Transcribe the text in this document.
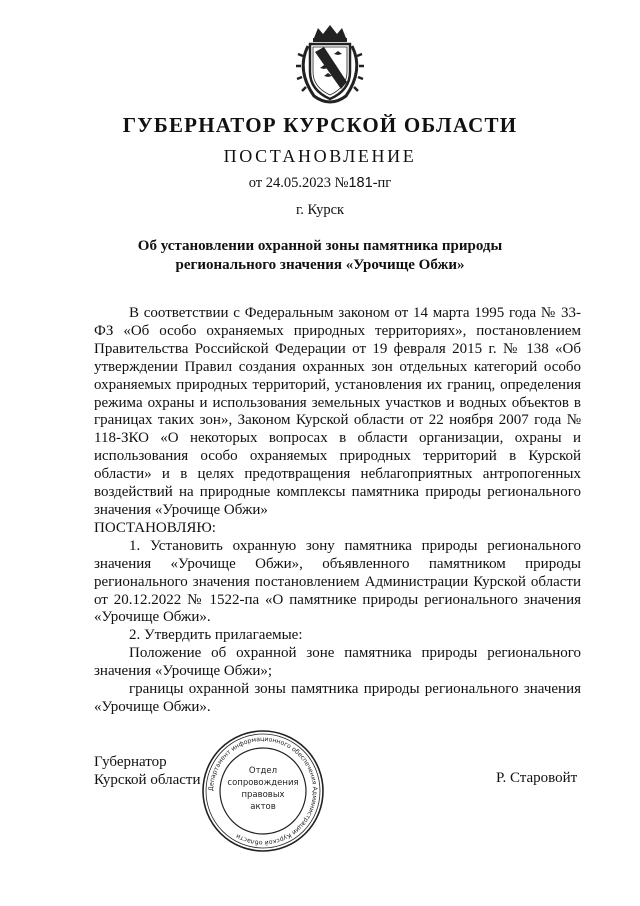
ГУБЕРНАТОР КУРСКОЙ ОБЛАСТИ
ПОСТАНОВЛЕНИЕ
от 24.05.2023 №181-пг
г. Курск
Об установлении охранной зоны памятника природы
регионального значения «Урочище Обжи»

В соответствии с Федеральным законом от 14 марта 1995 года № 33-ФЗ «Об особо охраняемых природных территориях», постановлением Правительства Российской Федерации от 19 февраля 2015 г. № 138 «Об утверждении Правил создания охранных зон отдельных категорий особо охраняемых природных территорий, установления их границ, определения режима охраны и использования земельных участков и водных объектов в границах таких зон», Законом Курской области от 22 ноября 2007 года № 118-ЗКО «О некоторых вопросах в области организации, охраны и использования особо охраняемых природных территорий в Курской области» и в целях предотвращения неблагоприятных антропогенных воздействий на природные комплексы памятника природы регионального значения «Урочище Обжи»

ПОСТАНОВЛЯЮ:

1. Установить охранную зону памятника природы регионального значения «Урочище Обжи», объявленного памятником природы регионального значения постановлением Администрации Курской области от 20.12.2022 № 1522-па «О памятнике природы регионального значения «Урочище Обжи».

2. Утвердить прилагаемые:

Положение об охранной зоне памятника природы регионального значения «Урочище Обжи»;

границы охранной зоны памятника природы регионального значения «Урочище Обжи».

Губернатор
Курской области	Р. Старовойт
Департамент информационного обеспечения Администрации Курской области
Отдел
сопровождения
правовых
актов
